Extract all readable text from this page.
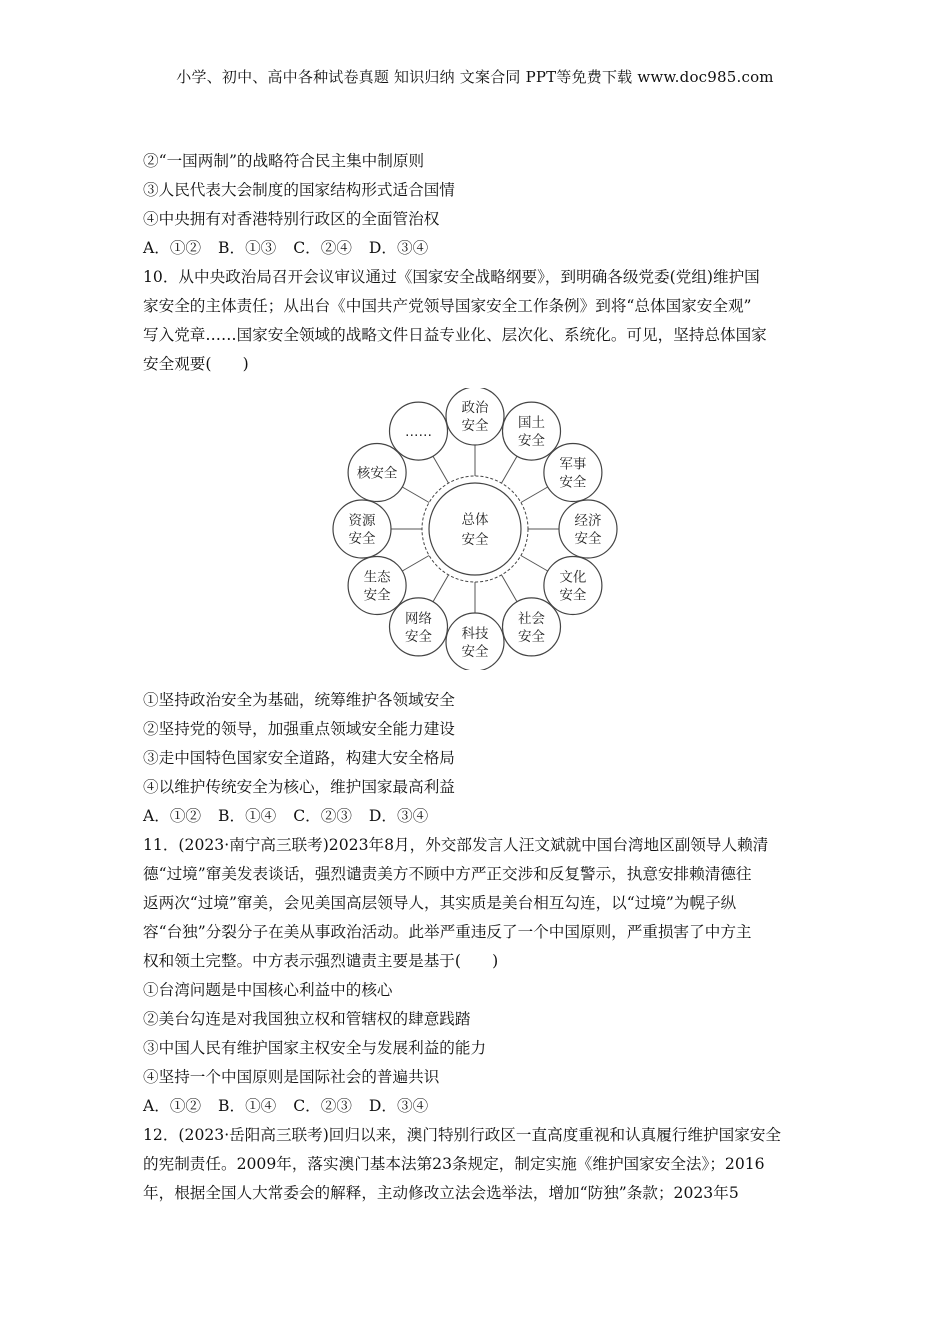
小学、初中、高中各种试卷真题 知识归纳 文案合同 PPT等免费下载 www.doc985.com
②“一国两制”的战略符合民主集中制原则
③人民代表大会制度的国家结构形式适合国情
④中央拥有对香港特别行政区的全面管治权
A．①② B．①③ C．②④ D．③④
10．从中央政治局召开会议审议通过《国家安全战略纲要》，到明确各级党委(党组)维护国
家安全的主体责任；从出台《中国共产党领导国家安全工作条例》到将“总体国家安全观”
写入党章……国家安全领域的战略文件日益专业化、层次化、系统化。可见，坚持总体国家
安全观要(　　)
总体
安全
政治
安全 国土
安全
军事
安全
经济
安全
文化
安全
社会
安全
科技
安全
网络
安全
生态
安全
资源
安全
核安全
……
①坚持政治安全为基础，统筹维护各领域安全
②坚持党的领导，加强重点领域安全能力建设
③走中国特色国家安全道路，构建大安全格局
④以维护传统安全为核心，维护国家最高利益
A．①② B．①④ C．②③ D．③④
11．(2023·南宁高三联考)2023年8月，外交部发言人汪文斌就中国台湾地区副领导人赖清
德“过境”窜美发表谈话，强烈谴责美方不顾中方严正交涉和反复警示，执意安排赖清德往
返两次“过境”窜美，会见美国高层领导人，其实质是美台相互勾连，以“过境”为幌子纵
容“台独”分裂分子在美从事政治活动。此举严重违反了一个中国原则，严重损害了中方主
权和领土完整。中方表示强烈谴责主要是基于(　　)
①台湾问题是中国核心利益中的核心
②美台勾连是对我国独立权和管辖权的肆意践踏
③中国人民有维护国家主权安全与发展利益的能力
④坚持一个中国原则是国际社会的普遍共识
A．①② B．①④ C．②③ D．③④
12．(2023·岳阳高三联考)回归以来，澳门特别行政区一直高度重视和认真履行维护国家安全
的宪制责任。2009年，落实澳门基本法第23条规定，制定实施《维护国家安全法》；2016
年，根据全国人大常委会的解释，主动修改立法会选举法，增加“防独”条款；2023年5
